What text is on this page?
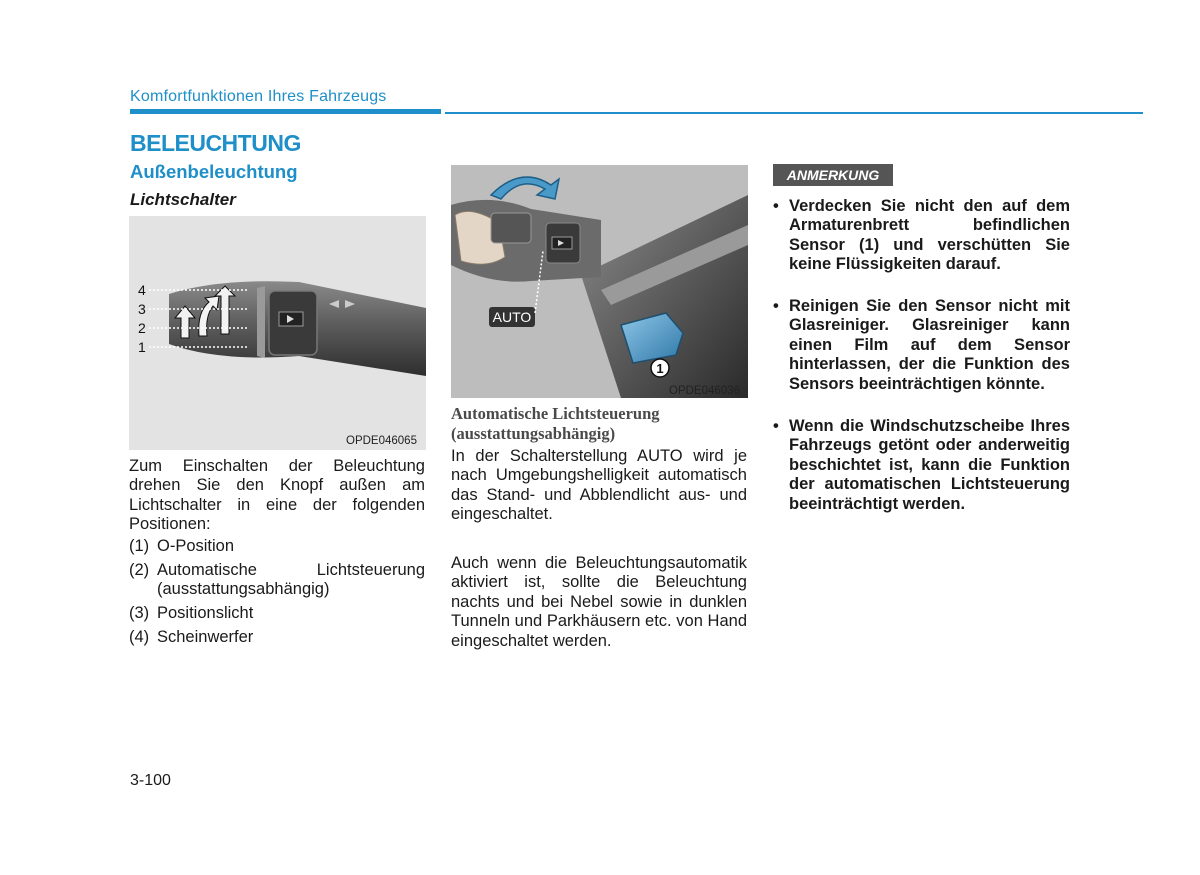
Komfortfunktionen Ihres Fahrzeugs
BELEUCHTUNG
Außenbeleuchtung
Lichtschalter
4
3
2
1
OPDE046065
AUTO
1
OPDE046036
Zum Einschalten der Beleuchtung drehen Sie den Knopf außen am Lichtschalter in eine der folgenden Positionen:
(1) O-Position
(2) Automatische Lichtsteuerung (ausstattungsabhängig)
(3) Positionslicht
(4) Scheinwerfer
Automatische Lichtsteuerung (ausstattungsabhängig)
In der Schalterstellung AUTO wird je nach Umgebungshelligkeit automatisch das Stand- und Abblendlicht aus- und eingeschaltet.
Auch wenn die Beleuchtungsautomatik aktiviert ist, sollte die Beleuchtung nachts und bei Nebel sowie in dunklen Tunneln und Parkhäusern etc. von Hand eingeschaltet werden.
ANMERKUNG
• Verdecken Sie nicht den auf dem Armaturenbrett befindlichen Sensor (1) und verschütten Sie keine Flüssigkeiten darauf.
• Reinigen Sie den Sensor nicht mit Glasreiniger. Glasreiniger kann einen Film auf dem Sensor hinterlassen, der die Funktion des Sensors beeinträchtigen könnte.
• Wenn die Windschutzscheibe Ihres Fahrzeugs getönt oder anderweitig beschichtet ist, kann die Funktion der automatischen Lichtsteuerung beeinträchtigt werden.
3-100
